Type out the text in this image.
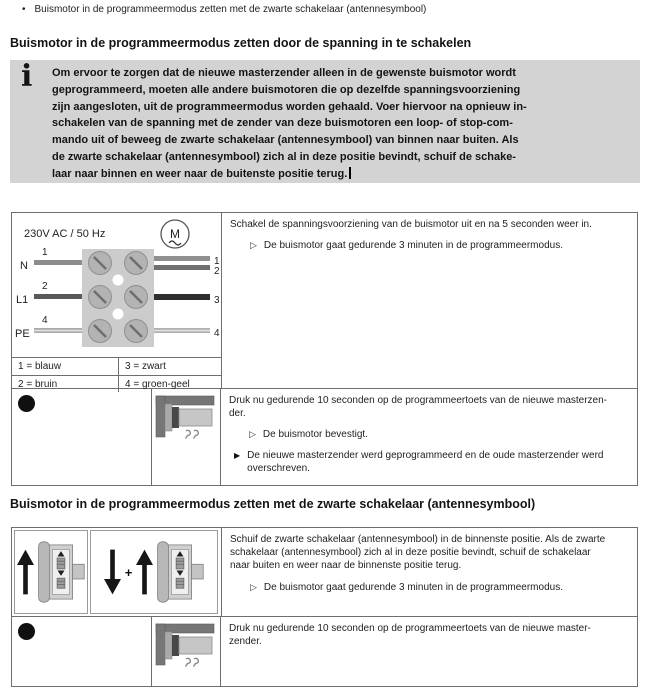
• Buismotor in de programmeermodus zetten met de zwarte schakelaar (antennesymbool)
Buismotor in de programmeermodus zetten door de spanning in te schakelen
i Om ervoor te zorgen dat de nieuwe masterzender alleen in de gewenste buismotor wordt
geprogrammeerd, moeten alle andere buismotoren die op dezelfde spanningsvoorziening
zijn aangesloten, uit de programmeermodus worden gehaald. Voer hiervoor na opnieuw in-
schakelen van de spanning met de zender van deze buismotoren een loop- of stop-com-
mando uit of beweeg de zwarte schakelaar (antennesymbool) van binnen naar buiten. Als
de zwarte schakelaar (antennesymbool) zich al in deze positie bevindt, schuif de schake-
laar naar binnen en weer naar de buitenste positie terug.
230V AC / 50 Hz	M
N
1
L1
2
PE
4
1
2
3
4
1 = blauw	3 = zwart
2 = bruin	4 = groen-geel
Schakel de spanningsvoorziening van de buismotor uit en na 5 seconden weer in.
▷ De buismotor gaat gedurende 3 minuten in de programmeermodus.
Druk nu gedurende 10 seconden op de programmeertoets van de nieuwe masterzen-
der.
▷ De buismotor bevestigt.
▶ De nieuwe masterzender werd geprogrammeerd en de oude masterzender werd
overschreven.
Buismotor in de programmeermodus zetten met de zwarte schakelaar (antennesymbool)
+
Schuif de zwarte schakelaar (antennesymbool) in de binnenste positie. Als de zwarte
schakelaar (antennesymbool) zich al in deze positie bevindt, schuif de schakelaar
naar buiten en weer naar de binnenste positie terug.
▷ De buismotor gaat gedurende 3 minuten in de programmeermodus.
Druk nu gedurende 10 seconden op de programmeertoets van de nieuwe master-
zender.
